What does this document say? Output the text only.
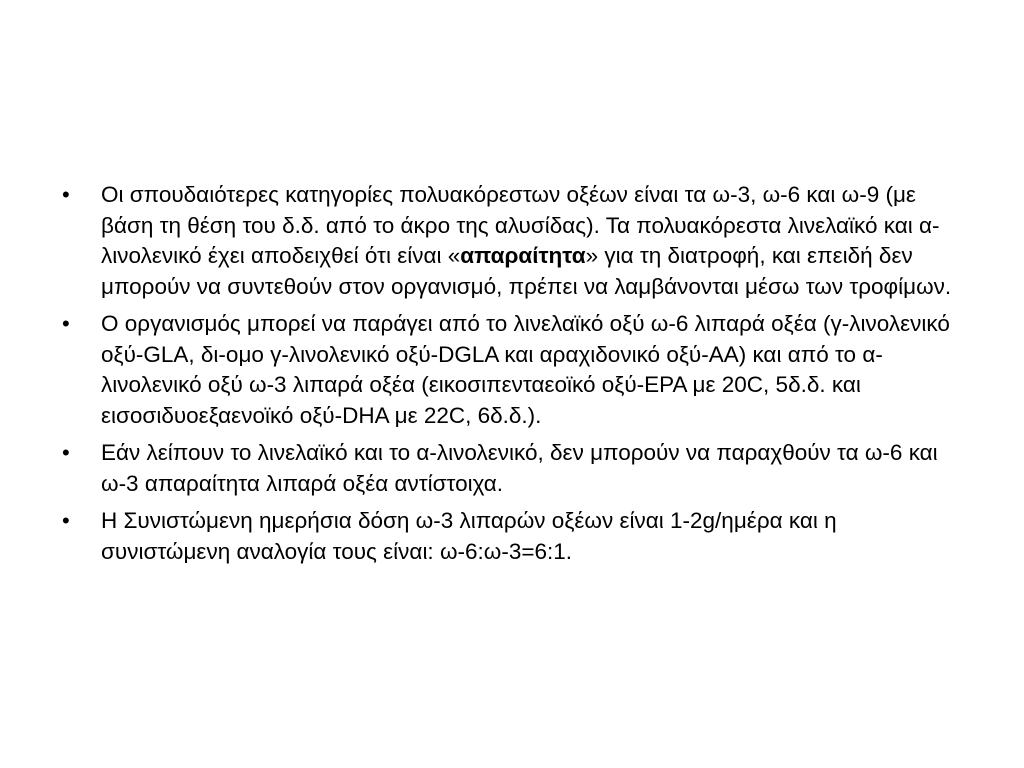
•	Οι σπουδαιότερες κατηγορίες πολυακόρεστων οξέων είναι τα ω-3, ω-6 και ω-9 (με βάση τη θέση του δ.δ. από το άκρο της αλυσίδας). Τα πολυακόρεστα λινελαϊκό και α-λινολενικό έχει αποδειχθεί ότι είναι «απαραίτητα» για τη διατροφή, και επειδή δεν μπορούν να συντεθούν στον οργανισμό, πρέπει να λαμβάνονται μέσω των τροφίμων.
•	Ο οργανισμός μπορεί να παράγει από το λινελαϊκό οξύ ω-6 λιπαρά οξέα (γ-λινολενικό οξύ-GLA, δι-ομο γ-λινολενικό οξύ-DGLA και αραχιδονικό οξύ-AA) και από το α-λινολενικό οξύ ω-3 λιπαρά οξέα (εικοσιπενταεοϊκό οξύ-EPA με 20C, 5δ.δ. και εισοσιδυοεξαενοϊκό οξύ-DHA με 22C, 6δ.δ.).
•	Εάν λείπουν το λινελαϊκό και το α-λινολενικό, δεν μπορούν να παραχθούν τα ω-6 και ω-3 απαραίτητα λιπαρά οξέα αντίστοιχα.
•	Η Συνιστώμενη ημερήσια δόση ω-3 λιπαρών οξέων είναι 1-2g/ημέρα και η συνιστώμενη αναλογία τους είναι: ω-6:ω-3=6:1.
